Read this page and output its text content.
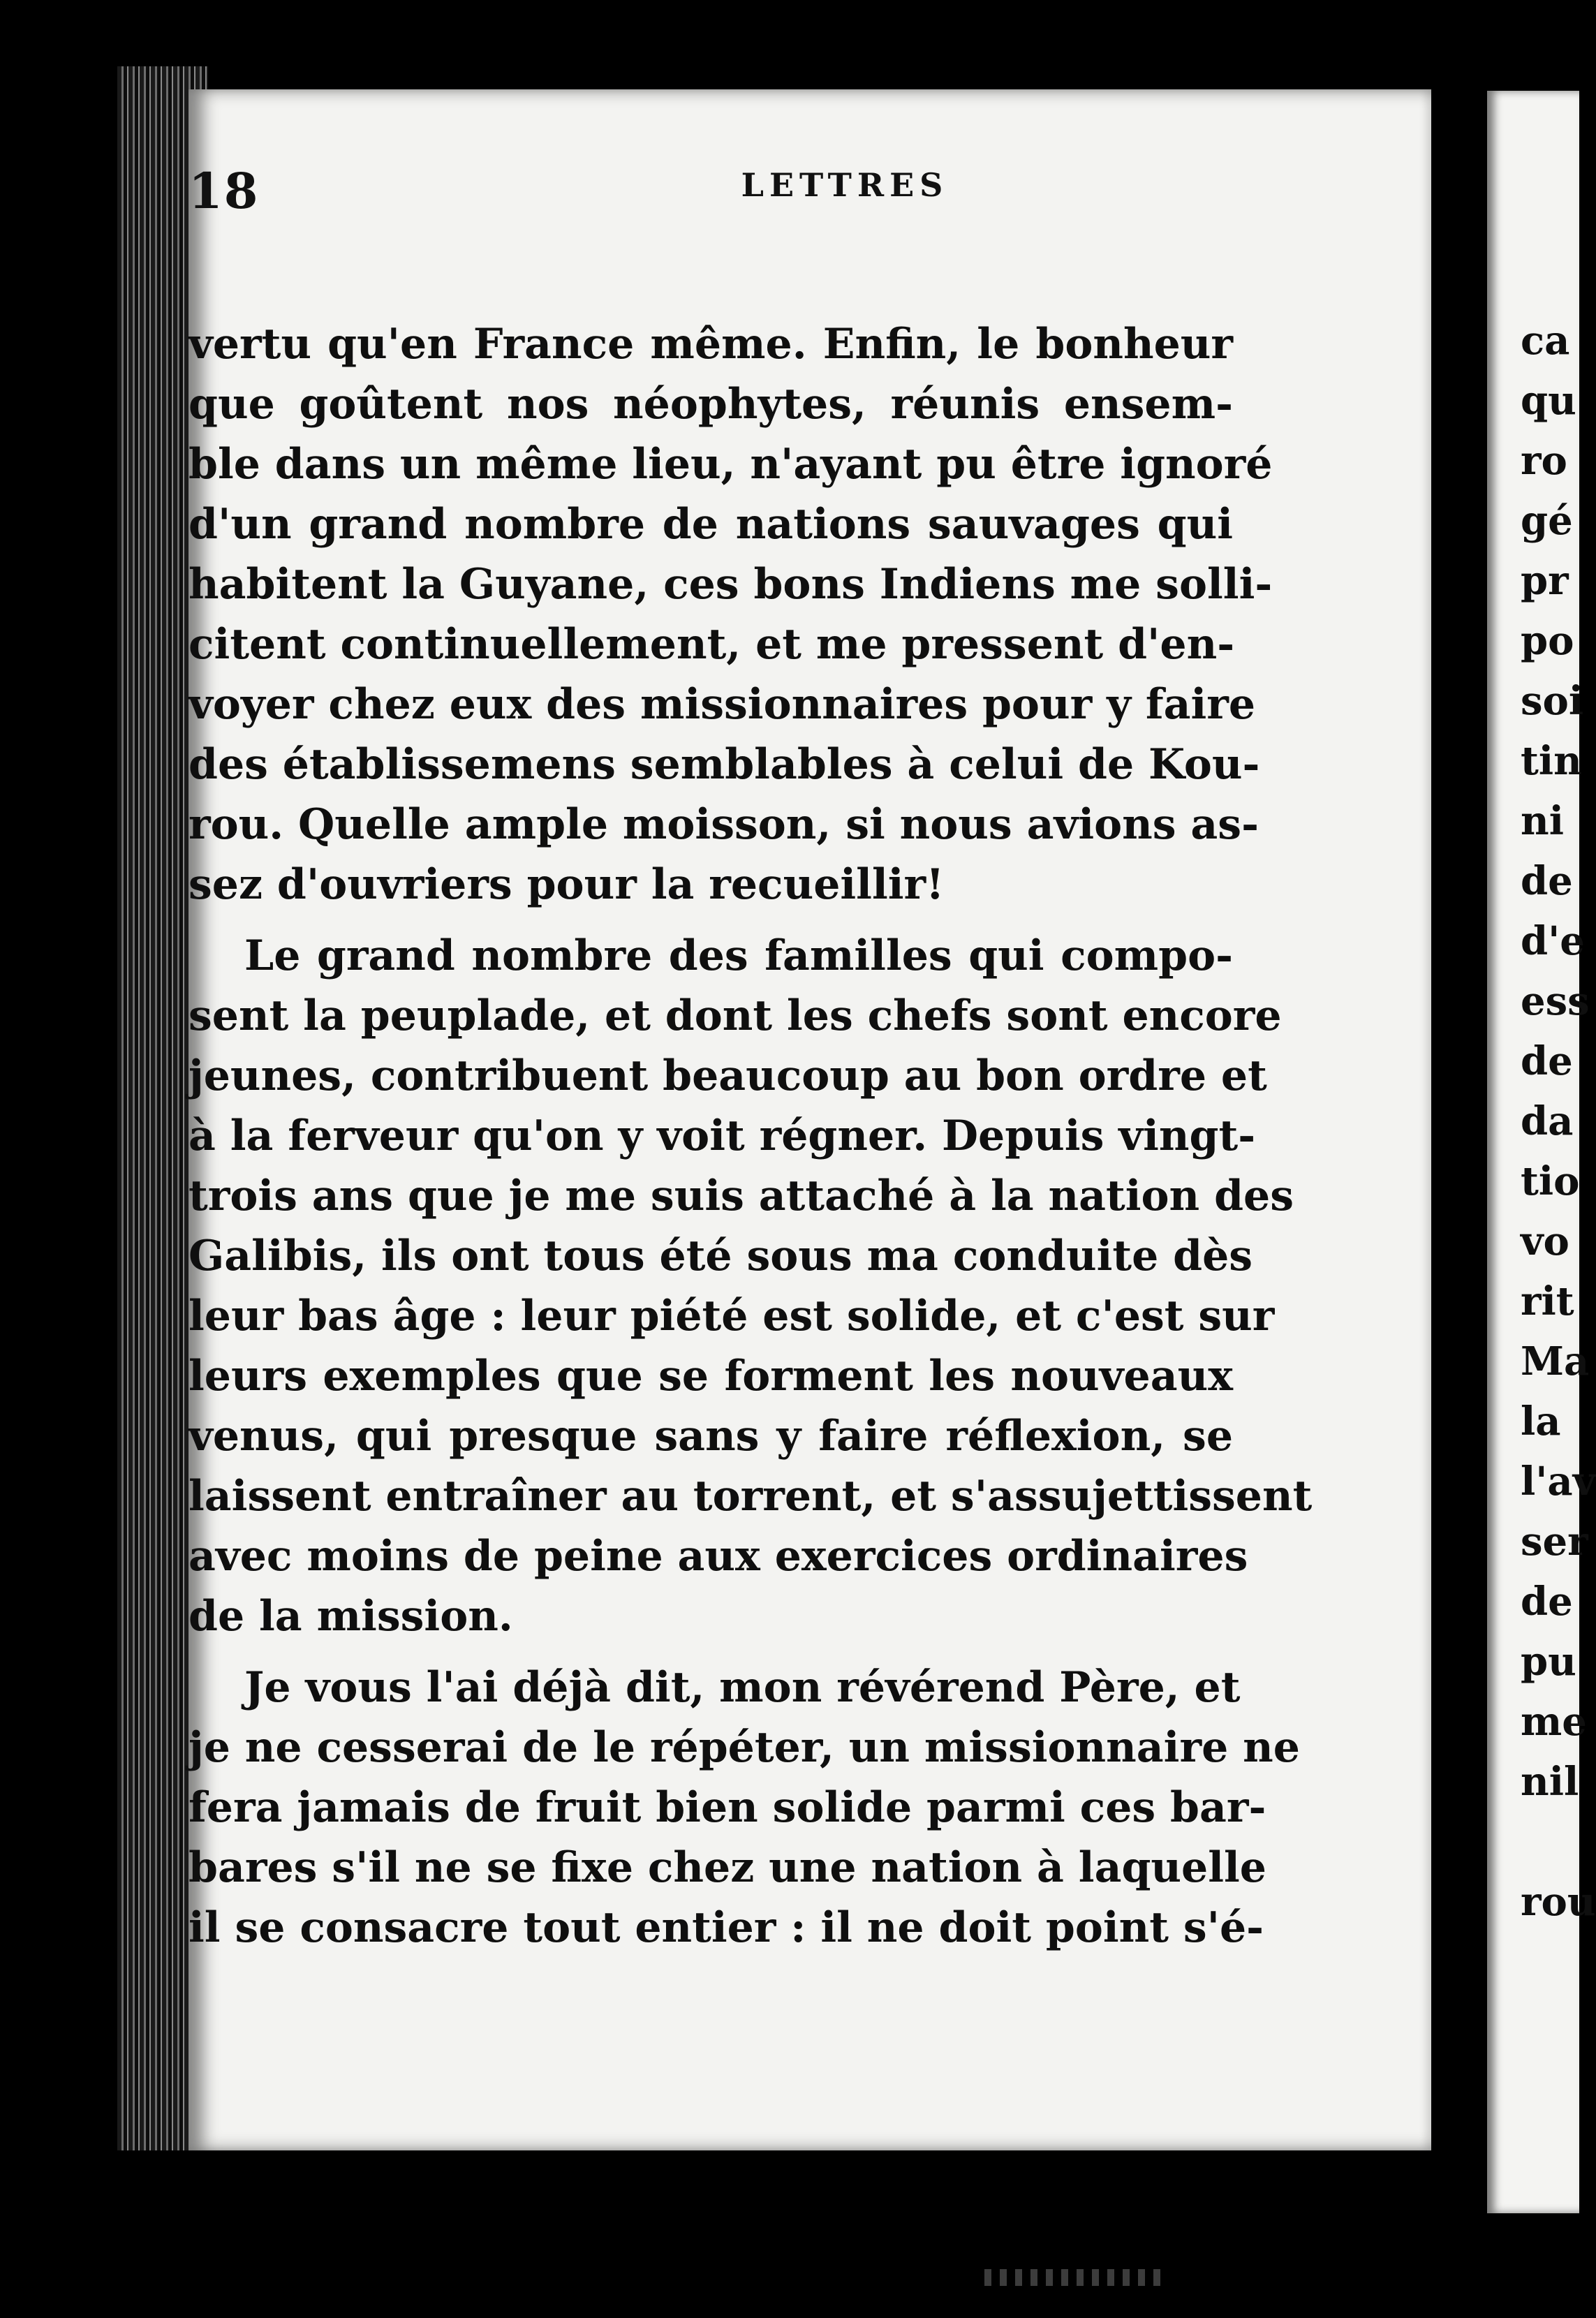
18	LETTRES
vertu qu'en France même. Enfin, le bonheur
que goûtent nos néophytes, réunis ensem-
ble dans un même lieu, n'ayant pu être ignoré
d'un grand nombre de nations sauvages qui
habitent la Guyane, ces bons Indiens me solli-
citent continuellement, et me pressent d'en-
voyer chez eux des missionnaires pour y faire
des établissemens semblables à celui de Kou-
rou. Quelle ample moisson, si nous avions as-
sez d'ouvriers pour la recueillir!
Le grand nombre des familles qui compo-
sent la peuplade, et dont les chefs sont encore
jeunes, contribuent beaucoup au bon ordre et
à la ferveur qu'on y voit régner. Depuis vingt-
trois ans que je me suis attaché à la nation des
Galibis, ils ont tous été sous ma conduite dès
leur bas âge : leur piété est solide, et c'est sur
leurs exemples que se forment les nouveaux
venus, qui presque sans y faire réflexion, se
laissent entraîner au torrent, et s'assujettissent
avec moins de peine aux exercices ordinaires
de la mission.
Je vous l'ai déjà dit, mon révérend Père, et
je ne cesserai de le répéter, un missionnaire ne
fera jamais de fruit bien solide parmi ces bar-
bares s'il ne se fixe chez une nation à laquelle
il se consacre tout entier : il ne doit point s'é-
ca
qu
ro
gé
pr
po
soi
tin
ni
de
d'e
ess
de
da
tio
vo
rit
Ma
la
l'av
ser
de
pu
me
nil
rou
